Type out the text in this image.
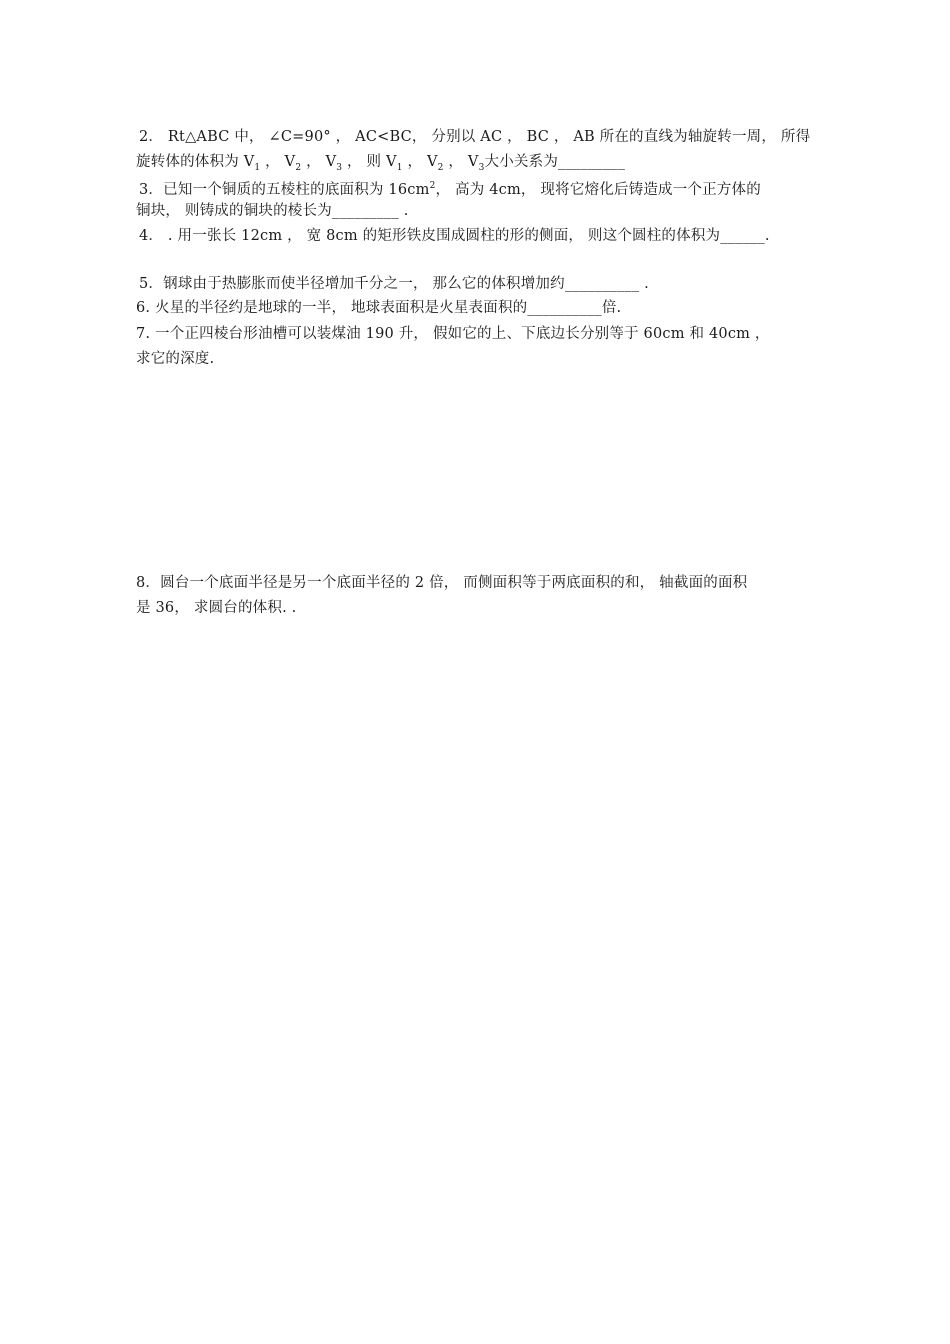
2． Rt△ABC 中， ∠C=90° ， AC<BC， 分别以 AC ， BC ， AB 所在的直线为轴旋转一周， 所得
旋转体的体积为 $V_1$ ， $V_2$ ， $V_3$ ， 则 $V_1$ ， $V_2$ ， $V_3$大小关系为_________
3．已知一个铜质的五棱柱的底面积为 $16cm^2$， 高为 4cm， 现将它熔化后铸造成一个正方体的
铜块， 则铸成的铜块的棱长为_________ .
4． . 用一张长 12cm ， 宽 8cm 的矩形铁皮围成圆柱的形的侧面， 则这个圆柱的体积为______.
5．钢球由于热膨胀而使半径增加千分之一， 那么它的体积增加约__________ .
6. 火星的半径约是地球的一半， 地球表面积是火星表面积的__________倍.
7. 一个正四棱台形油槽可以装煤油 190 升， 假如它的上、下底边长分别等于 60cm 和 40cm ，
求它的深度.
8．圆台一个底面半径是另一个底面半径的 2 倍， 而侧面积等于两底面积的和， 轴截面的面积
是 36， 求圆台的体积. .
